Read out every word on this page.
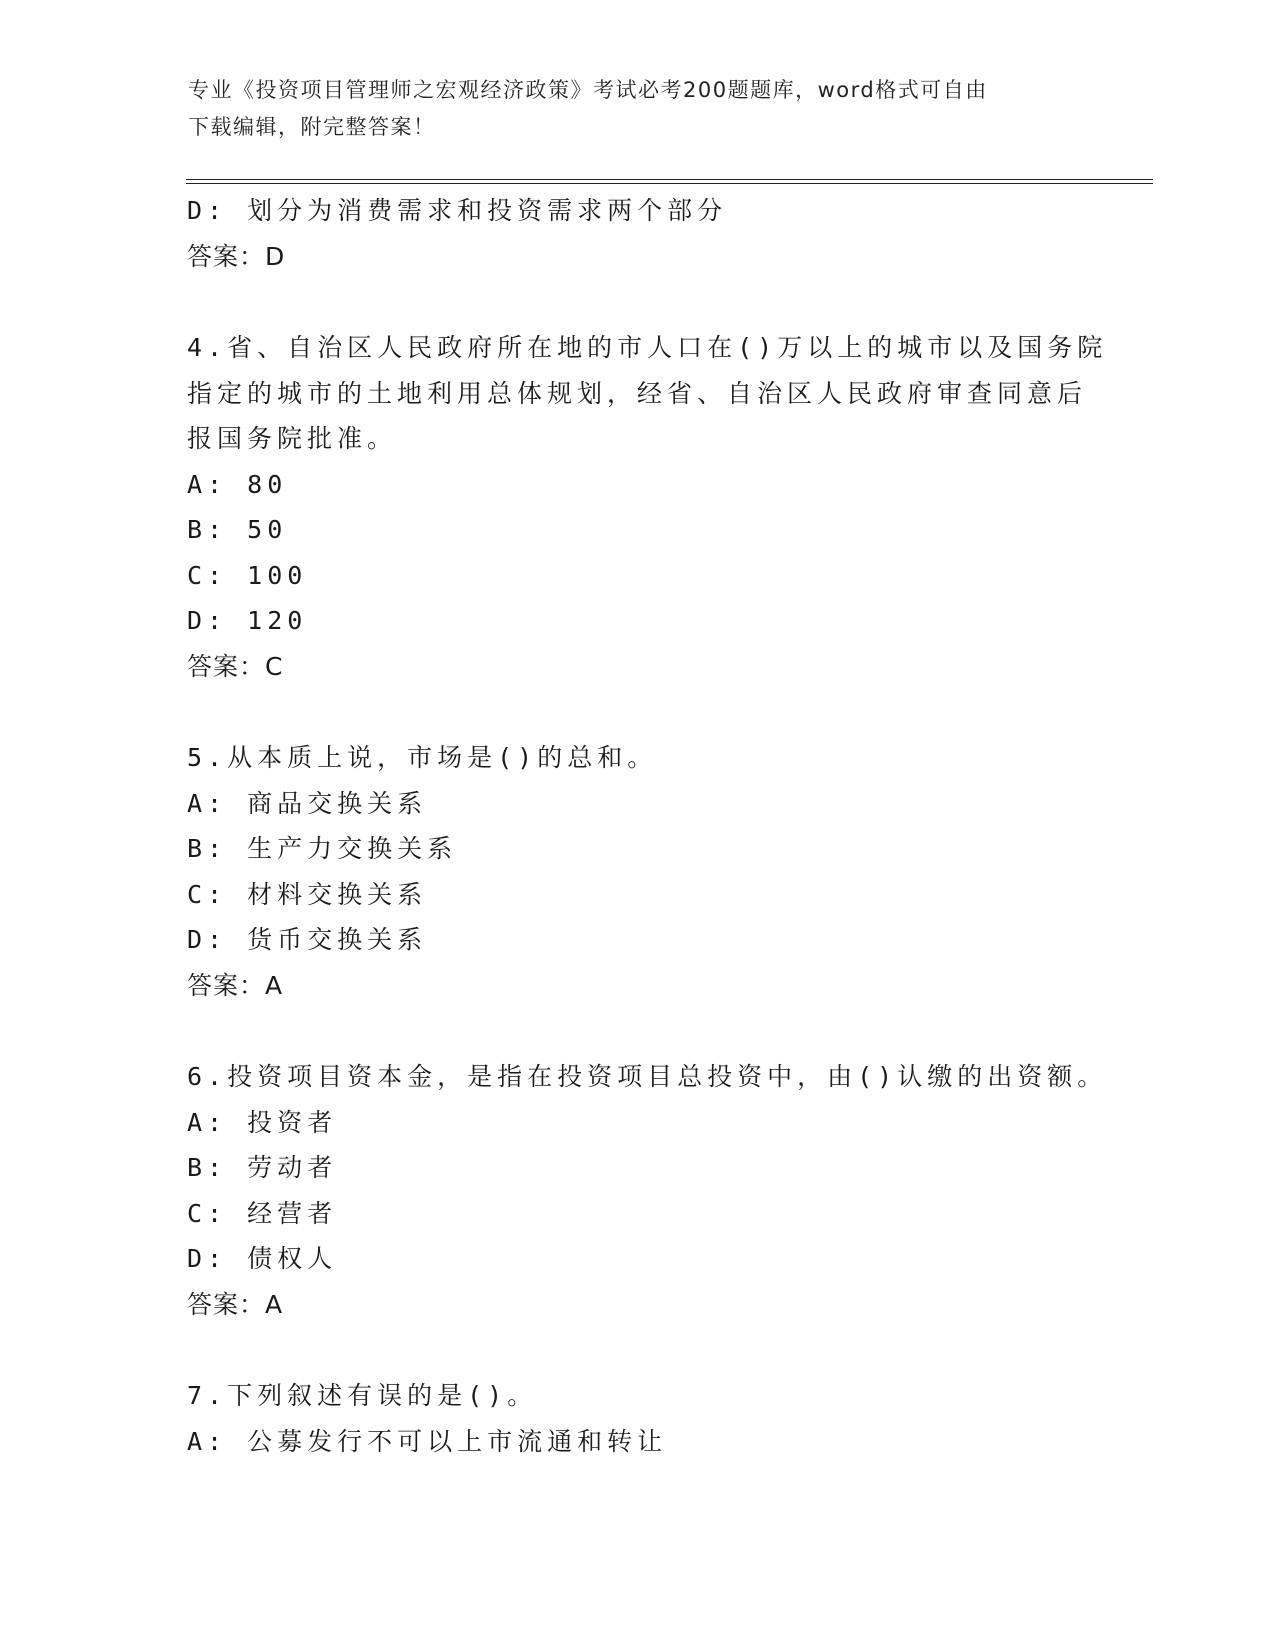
专业《投资项目管理师之宏观经济政策》考试必考200题题库，word格式可自由
下载编辑，附完整答案！
D: 划分为消费需求和投资需求两个部分
答案：D
4.省、自治区人民政府所在地的市人口在()万以上的城市以及国务院
指定的城市的土地利用总体规划，经省、自治区人民政府审查同意后
报国务院批准。
A: 80
B: 50
C: 100
D: 120
答案：C
5.从本质上说，市场是()的总和。
A: 商品交换关系
B: 生产力交换关系
C: 材料交换关系
D: 货币交换关系
答案：A
6.投资项目资本金，是指在投资项目总投资中，由()认缴的出资额。
A: 投资者
B: 劳动者
C: 经营者
D: 债权人
答案：A
7.下列叙述有误的是()。
A: 公募发行不可以上市流通和转让
